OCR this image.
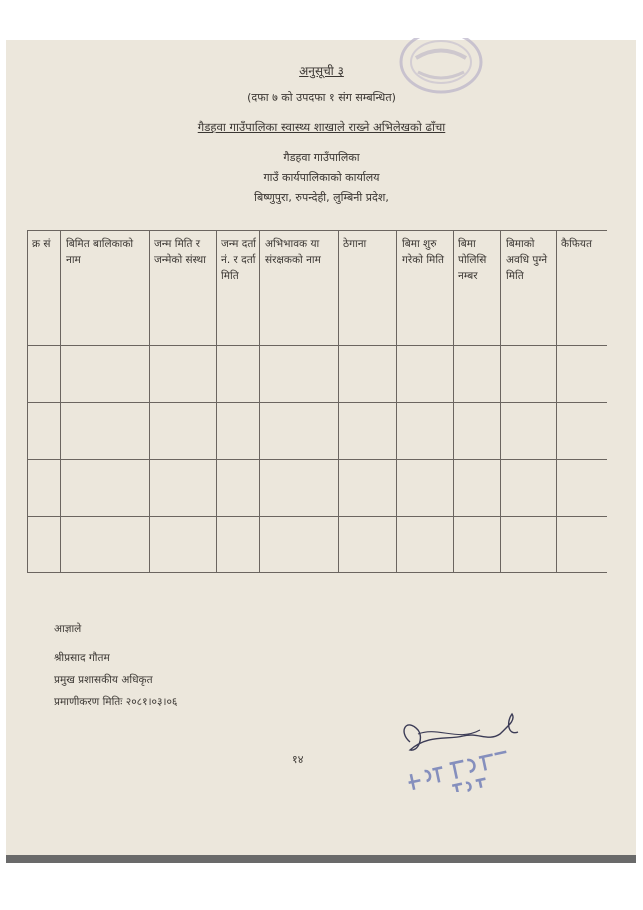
अनुसूची ३
(दफा ७ को उपदफा १ संग सम्बन्धित)
गैडहवा गाउँपालिका स्वास्थ्य शाखाले राख्ने अभिलेखको ढाँचा
गैडहवा गाउँपालिका
गाउँ कार्यपालिकाको कार्यालय
बिष्णुपुरा, रुपन्देही, लुम्बिनी प्रदेश,
क्र सं	बिमित बालिकाको नाम
जन्म मिति र जन्मेको संस्था
जन्म दर्ता नं. र दर्ता मिति
अभिभावक या संरक्षकको नाम
ठेगाना	बिमा शुरु गरेको मिति
बिमा पोलिसि नम्बर
बिमाको अवधि पुग्ने मिति
कैफियत
आज्ञाले
श्रीप्रसाद गौतम
प्रमुख प्रशासकीय अधिकृत
प्रमाणीकरण मितिः २०८१।०३।०६
१४
